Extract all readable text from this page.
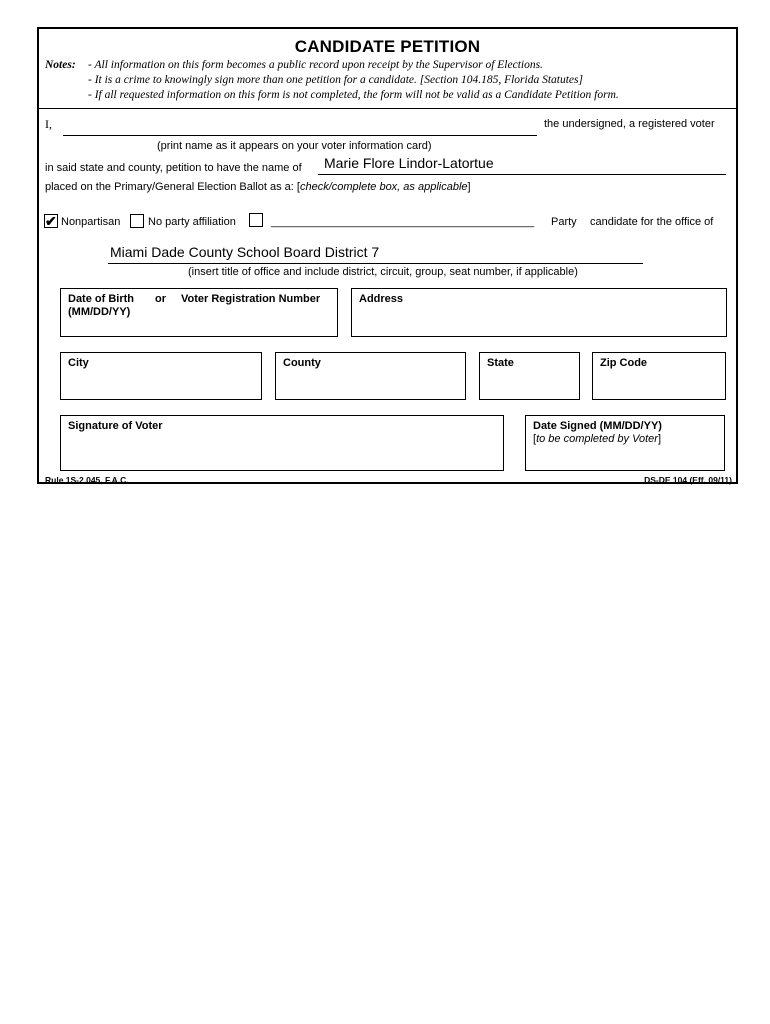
CANDIDATE PETITION
Notes: - All information on this form becomes a public record upon receipt by the Supervisor of Elections.
- It is a crime to knowingly sign more than one petition for a candidate. [Section 104.185, Florida Statutes]
- If all requested information on this form is not completed, the form will not be valid as a Candidate Petition form.
I,	the undersigned, a registered voter
(print name as it appears on your voter information card)
in said state and county, petition to have the name of Marie Flore Lindor-Latortue
placed on the Primary/General Election Ballot as a: [check/complete box, as applicable]
✔ Nonpartisan	No party affiliation	___________________________________________ Party candidate for the office of
Miami Dade County School Board District 7
(insert title of office and include district, circuit, group, seat number, if applicable)
Date of Birth or Voter Registration Number
(MM/DD/YY)
Address
City	County	State	Zip Code
Signature of Voter	Date Signed (MM/DD/YY)
[to be completed by Voter]
Rule 1S-2.045, F.A.C.	DS-DE 104 (Eff. 09/11)
